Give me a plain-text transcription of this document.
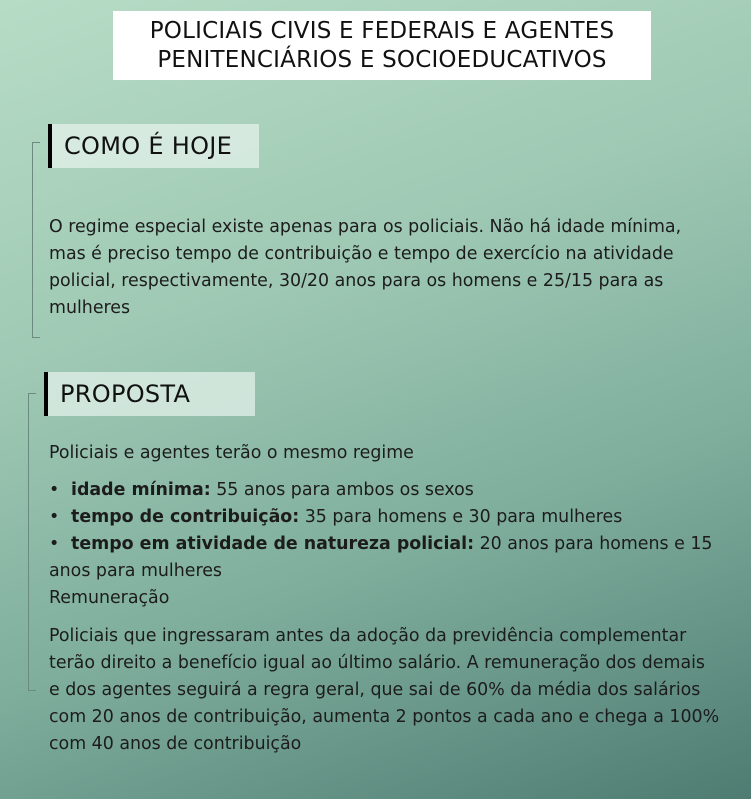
POLICIAIS CIVIS E FEDERAIS E AGENTES
PENITENCIÁRIOS E SOCIOEDUCATIVOS
COMO É HOJE

O regime especial existe apenas para os policiais. Não há idade mínima, mas é preciso tempo de contribuição e tempo de exercício na atividade policial, respectivamente, 30/20 anos para os homens e 25/15 para as mulheres

PROPOSTA

Policiais e agentes terão o mesmo regime

• idade mínima: 55 anos para ambos os sexos

• tempo de contribuição: 35 para homens e 30 para mulheres

• tempo em atividade de natureza policial: 20 anos para homens e 15 anos para mulheres

Remuneração

Policiais que ingressaram antes da adoção da previdência complementar terão direito a benefício igual ao último salário. A remuneração dos demais e dos agentes seguirá a regra geral, que sai de 60% da média dos salários com 20 anos de contribuição, aumenta 2 pontos a cada ano e chega a 100% com 40 anos de contribuição
